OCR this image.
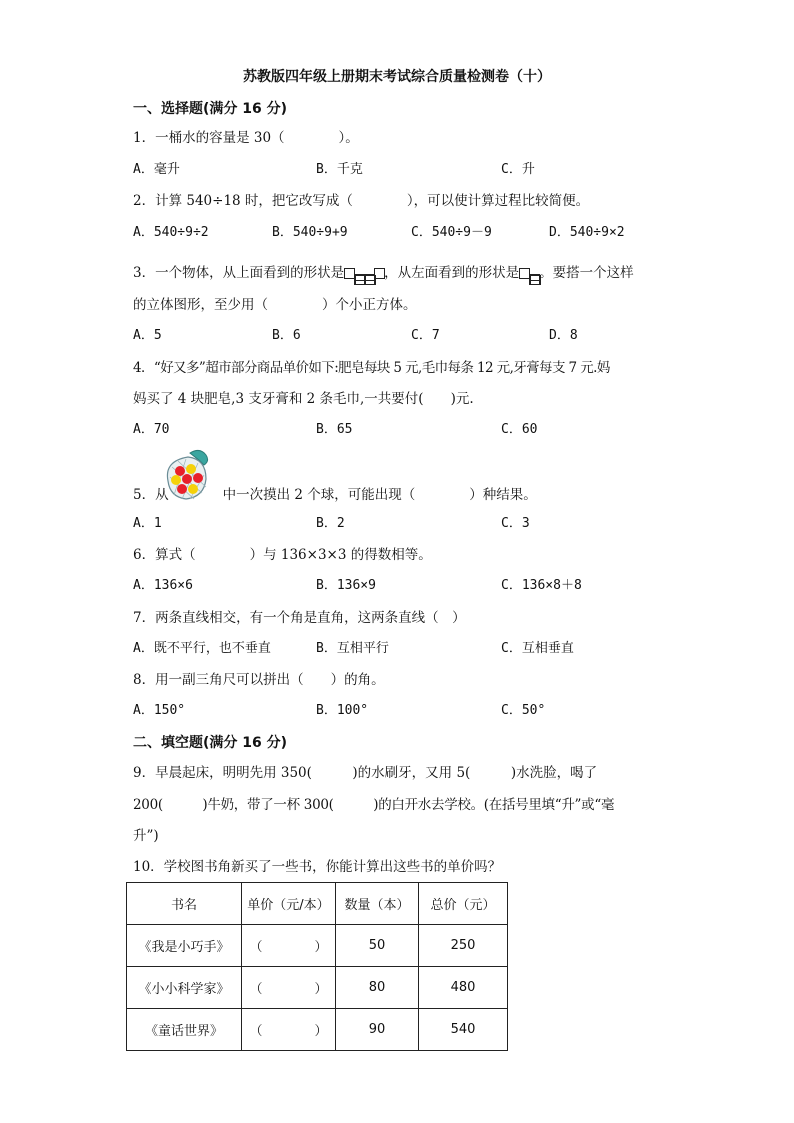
苏教版四年级上册期末考试综合质量检测卷（十）
一、选择题(满分 16 分)
1．一桶水的容量是 30（　　　　）。
A．毫升	B．千克	C．升
2．计算 540÷18 时，把它改写成（　　　　），可以使计算过程比较简便。
A．540÷9÷2	B．540÷9+9	C．540÷9－9	D．540÷9×2
3．一个物体，从上面看到的形状是	，从左面看到的形状是 。要搭一个这样
的立体图形，至少用（　　　　）个小正方体。
A．5	B．6	C．7	D．8
4．“好又多”超市部分商品单价如下:肥皂每块 5 元,毛巾每条 12 元,牙膏每支 7 元.妈
妈买了 4 块肥皂,3 支牙膏和 2 条毛巾,一共要付(　　)元.
A．70	B．65	C．60
5．从	中一次摸出 2 个球，可能出现（　　　　）种结果。
A．1	B．2	C．3
6．算式（　　　　）与 136×3×3 的得数相等。
A．136×6	B．136×9	C．136×8＋8
7．两条直线相交，有一个角是直角，这两条直线（　）
A．既不平行，也不垂直	B．互相平行	C．互相垂直
8．用一副三角尺可以拼出（　　）的角。
A．150°	B．100°	C．50°
二、填空题(满分 16 分)
9．早晨起床，明明先用 350(　　　)的水刷牙，又用 5(　　　)水洗脸，喝了
200(　　　)牛奶，带了一杯 300(　　　)的白开水去学校。(在括号里填“升”或“毫
升”)
10．学校图书角新买了一些书，你能计算出这些书的单价吗？
书名	单价（元/本）	数量（本）	总价（元）
《我是小巧手》	（　　　　）	50	250
《小小科学家》	（　　　　）	80	480
《童话世界》	（　　　　）	90	540
